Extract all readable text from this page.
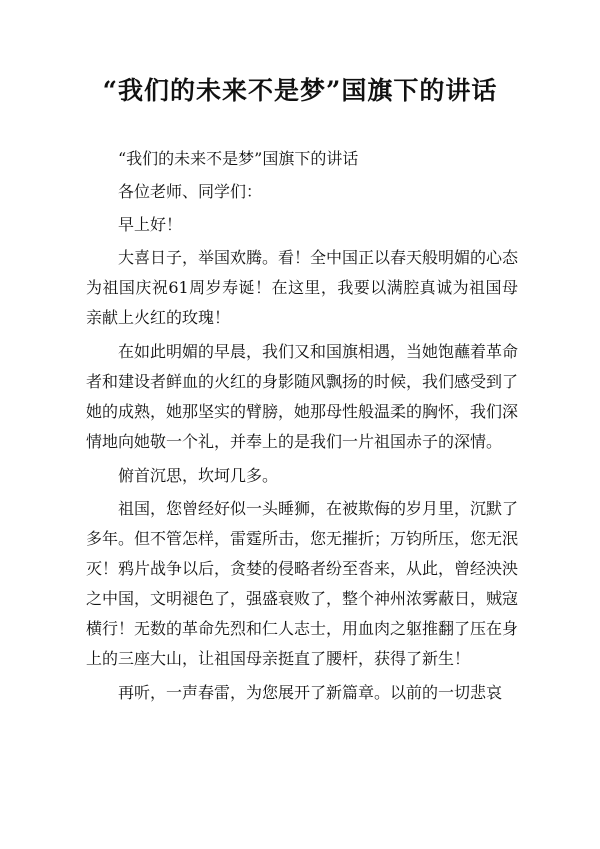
“我们的未来不是梦”国旗下的讲话

“我们的未来不是梦”国旗下的讲话

各位老师、同学们：

早上好！

大喜日子，举国欢腾。看！全中国正以春天般明媚的心态为祖国庆祝61周岁寿诞！在这里，我要以满腔真诚为祖国母亲献上火红的玫瑰！

在如此明媚的早晨，我们又和国旗相遇，当她饱蘸着革命者和建设者鲜血的火红的身影随风飘扬的时候，我们感受到了她的成熟，她那坚实的臂膀，她那母性般温柔的胸怀，我们深情地向她敬一个礼，并奉上的是我们一片祖国赤子的深情。

俯首沉思，坎坷几多。

祖国，您曾经好似一头睡狮，在被欺侮的岁月里，沉默了多年。但不管怎样，雷霆所击，您无摧折；万钧所压，您无泯灭！鸦片战争以后，贪婪的侵略者纷至沓来，从此，曾经泱泱之中国，文明褪色了，强盛衰败了，整个神州浓雾蔽日，贼寇横行！无数的革命先烈和仁人志士，用血肉之躯推翻了压在身上的三座大山，让祖国母亲挺直了腰杆，获得了新生！

再听，一声春雷，为您展开了新篇章。以前的一切悲哀
